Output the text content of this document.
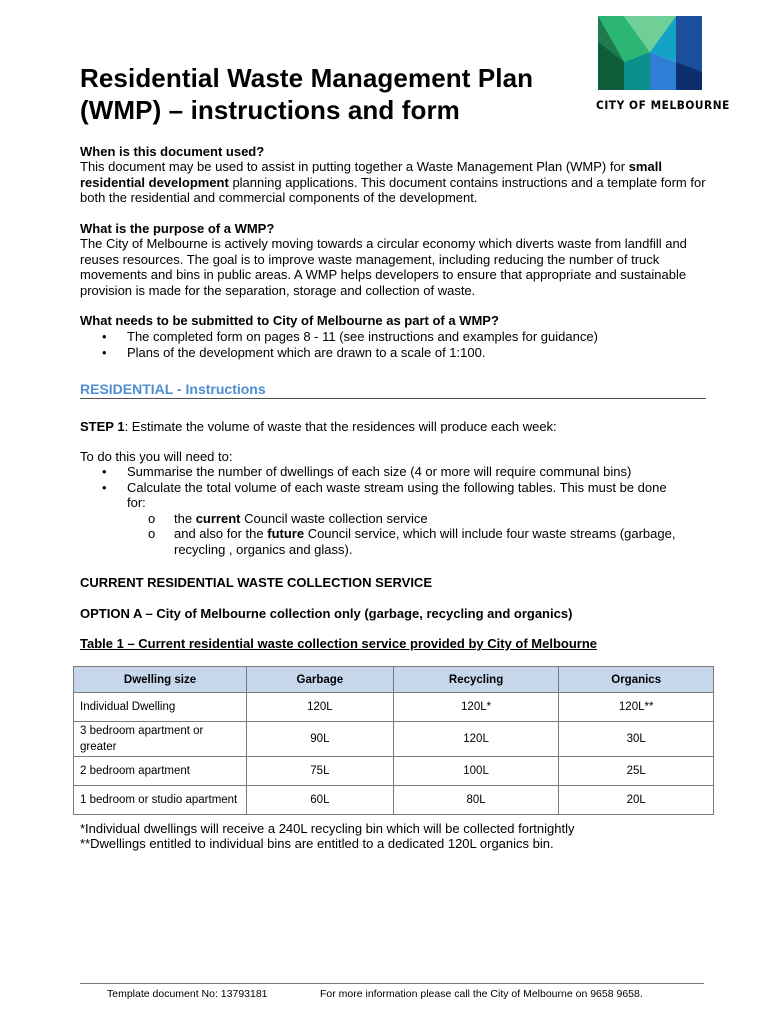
Residential Waste Management Plan
(WMP) – instructions and form	CITY OF MELBOURNE

When is this document used?

This document may be used to assist in putting together a Waste Management Plan (WMP) for small residential development planning applications. This document contains instructions and a template form for both the residential and commercial components of the development.

What is the purpose of a WMP?

The City of Melbourne is actively moving towards a circular economy which diverts waste from landfill and reuses resources. The goal is to improve waste management, including reducing the number of truck movements and bins in public areas. A WMP helps developers to ensure that appropriate and sustainable provision is made for the separation, storage and collection of waste.

What needs to be submitted to City of Melbourne as part of a WMP?

• The completed form on pages 8 - 11 (see instructions and examples for guidance)
• Plans of the development which are drawn to a scale of 1:100.
RESIDENTIAL - Instructions

STEP 1: Estimate the volume of waste that the residences will produce each week:

To do this you will need to:

• Summarise the number of dwellings of each size (4 or more will require communal bins)
• Calculate the total volume of each waste stream using the following tables. This must be done for:
o the current Council waste collection service
o and also for the future Council service, which will include four waste streams (garbage, recycling , organics and glass).

CURRENT RESIDENTIAL WASTE COLLECTION SERVICE

OPTION A – City of Melbourne collection only (garbage, recycling and organics)

Table 1 – Current residential waste collection service provided by City of Melbourne

Dwelling size	Garbage	Recycling	Organics
Individual Dwelling	120L	120L*	120L**
3 bedroom apartment or greater	90L	120L	30L
2 bedroom apartment	75L	100L	25L
1 bedroom or studio apartment	60L	80L	20L

*Individual dwellings will receive a 240L recycling bin which will be collected fortnightly

**Dwellings entitled to individual bins are entitled to a dedicated 120L organics bin.

Template document No: 13793181	For more information please call the City of Melbourne on 9658 9658.
